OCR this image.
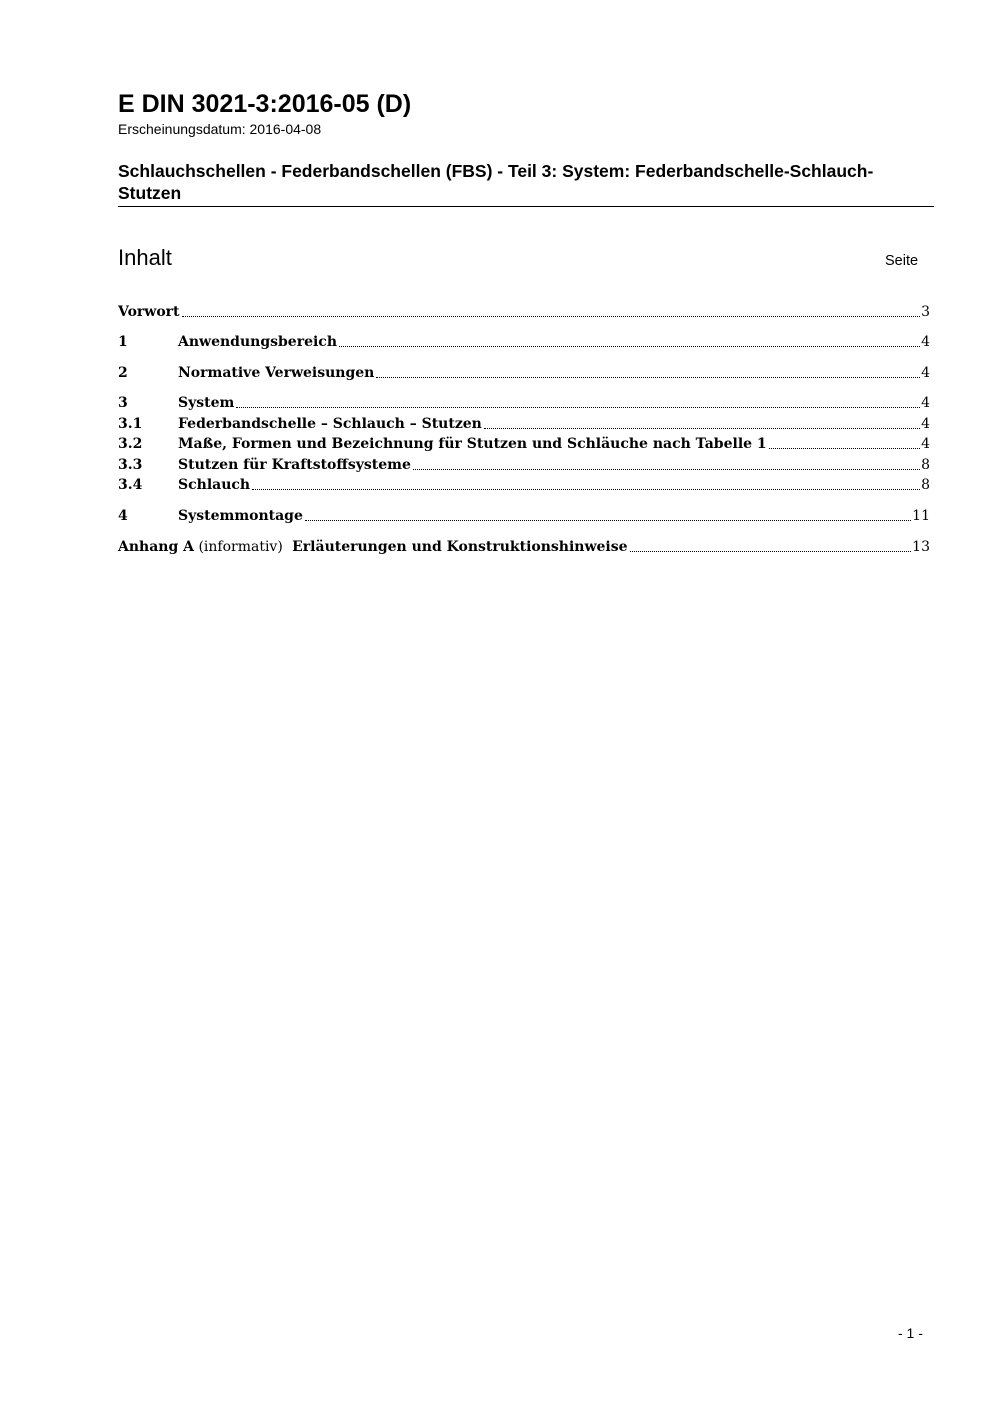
E DIN 3021-3:2016-05 (D)
Erscheinungsdatum: 2016-04-08
Schlauchschellen - Federbandschellen (FBS) - Teil 3: System: Federbandschelle-Schlauch-Stutzen
Inhalt	Seite
Vorwort	3
1	Anwendungsbereich	4
2	Normative Verweisungen	4
3	System	4
3.1	Federbandschelle – Schlauch – Stutzen	4
3.2	Maße, Formen und Bezeichnung für Stutzen und Schläuche nach Tabelle 1	4
3.3	Stutzen für Kraftstoffsysteme	8
3.4	Schlauch	8
4	Systemmontage	11
Anhang A (informativ)  Erläuterungen und Konstruktionshinweise	13
- 1 -
